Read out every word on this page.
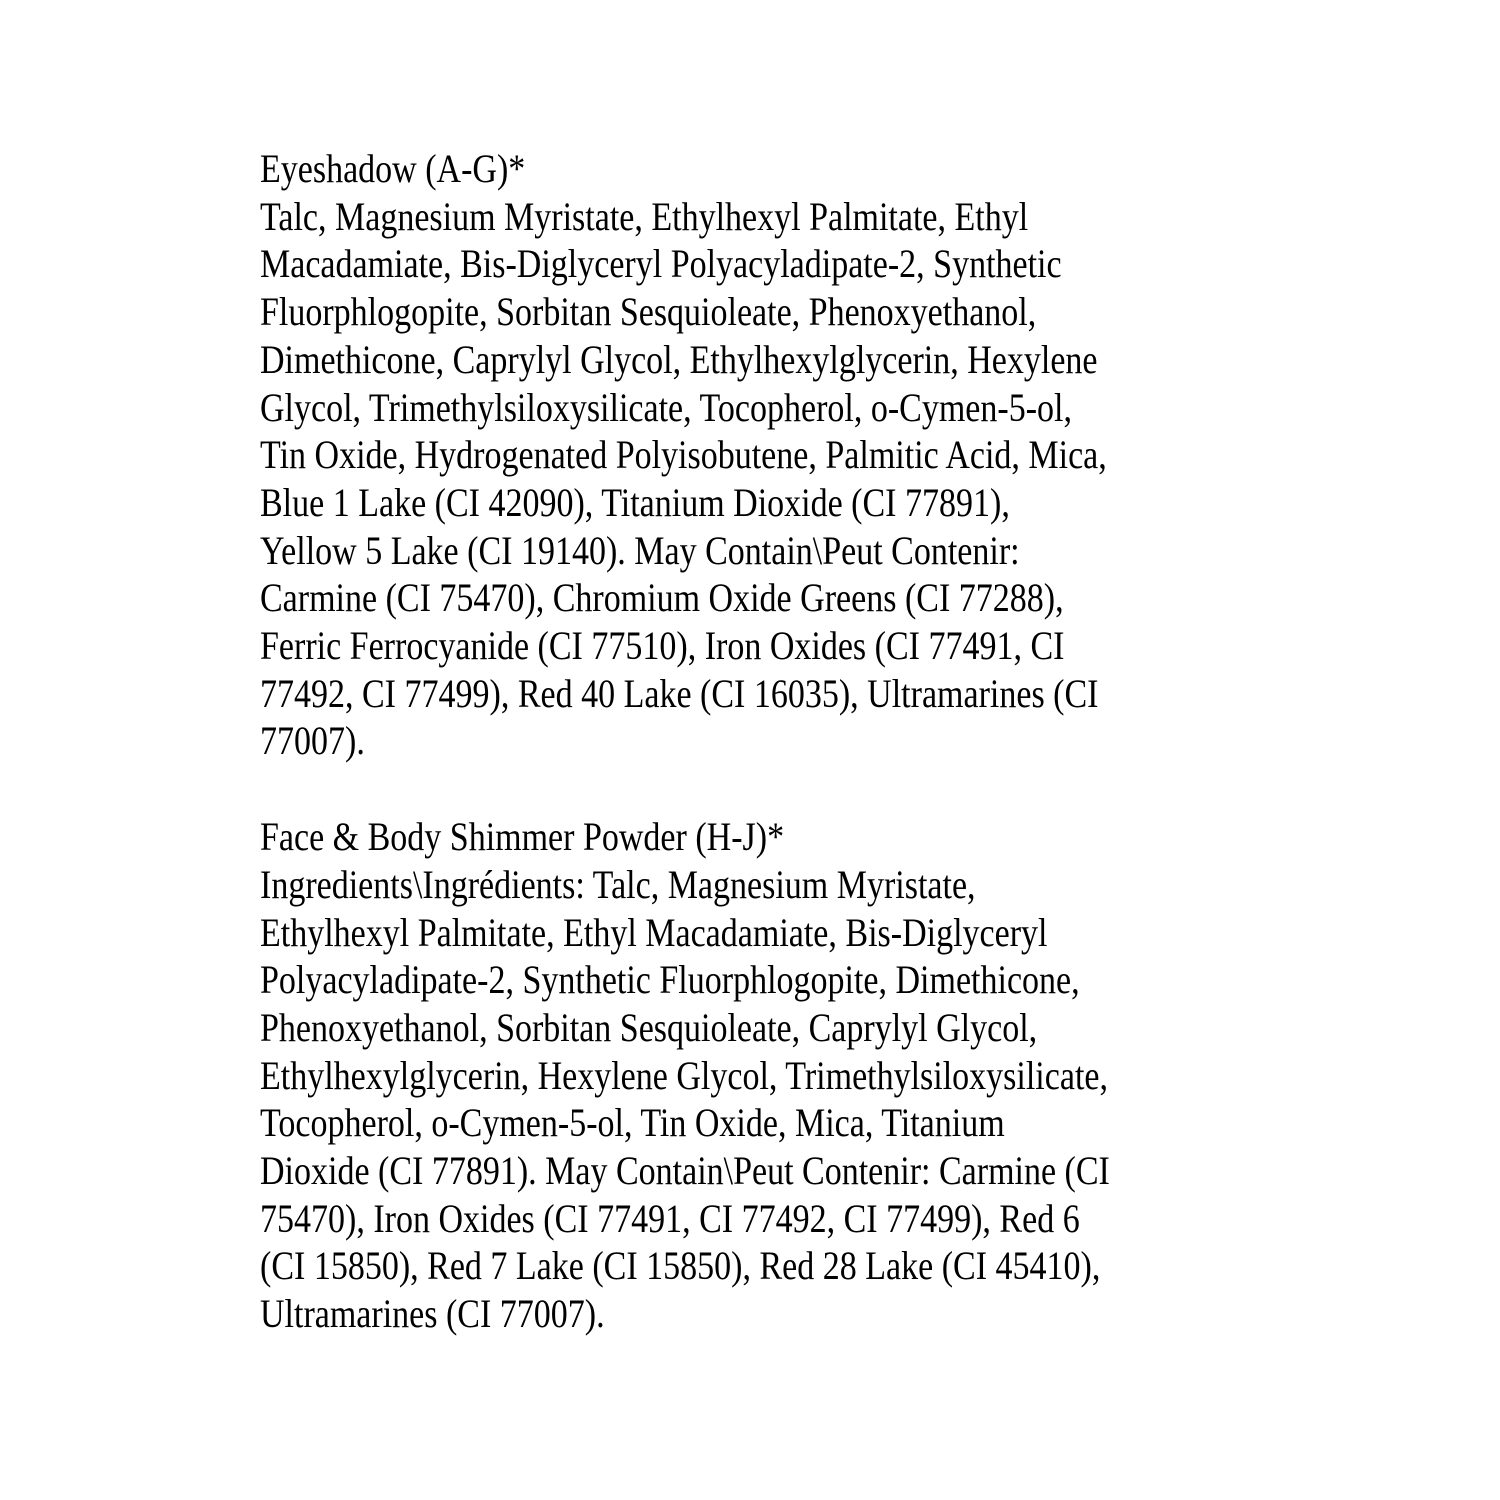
Eyeshadow (A-G)*
Talc, Magnesium Myristate, Ethylhexyl Palmitate, Ethyl
Macadamiate, Bis-Diglyceryl Polyacyladipate-2, Synthetic
Fluorphlogopite, Sorbitan Sesquioleate, Phenoxyethanol,
Dimethicone, Caprylyl Glycol, Ethylhexylglycerin, Hexylene
Glycol, Trimethylsiloxysilicate, Tocopherol, o-Cymen-5-ol,
Tin Oxide, Hydrogenated Polyisobutene, Palmitic Acid, Mica,
Blue 1 Lake (CI 42090), Titanium Dioxide (CI 77891),
Yellow 5 Lake (CI 19140). May Contain\Peut Contenir:
Carmine (CI 75470), Chromium Oxide Greens (CI 77288),
Ferric Ferrocyanide (CI 77510), Iron Oxides (CI 77491, CI
77492, CI 77499), Red 40 Lake (CI 16035), Ultramarines (CI
77007).
Face & Body Shimmer Powder (H-J)*
Ingredients\Ingrédients: Talc, Magnesium Myristate,
Ethylhexyl Palmitate, Ethyl Macadamiate, Bis-Diglyceryl
Polyacyladipate-2, Synthetic Fluorphlogopite, Dimethicone,
Phenoxyethanol, Sorbitan Sesquioleate, Caprylyl Glycol,
Ethylhexylglycerin, Hexylene Glycol, Trimethylsiloxysilicate,
Tocopherol, o-Cymen-5-ol, Tin Oxide, Mica, Titanium
Dioxide (CI 77891). May Contain\Peut Contenir: Carmine (CI
75470), Iron Oxides (CI 77491, CI 77492, CI 77499), Red 6
(CI 15850), Red 7 Lake (CI 15850), Red 28 Lake (CI 45410),
Ultramarines (CI 77007).
